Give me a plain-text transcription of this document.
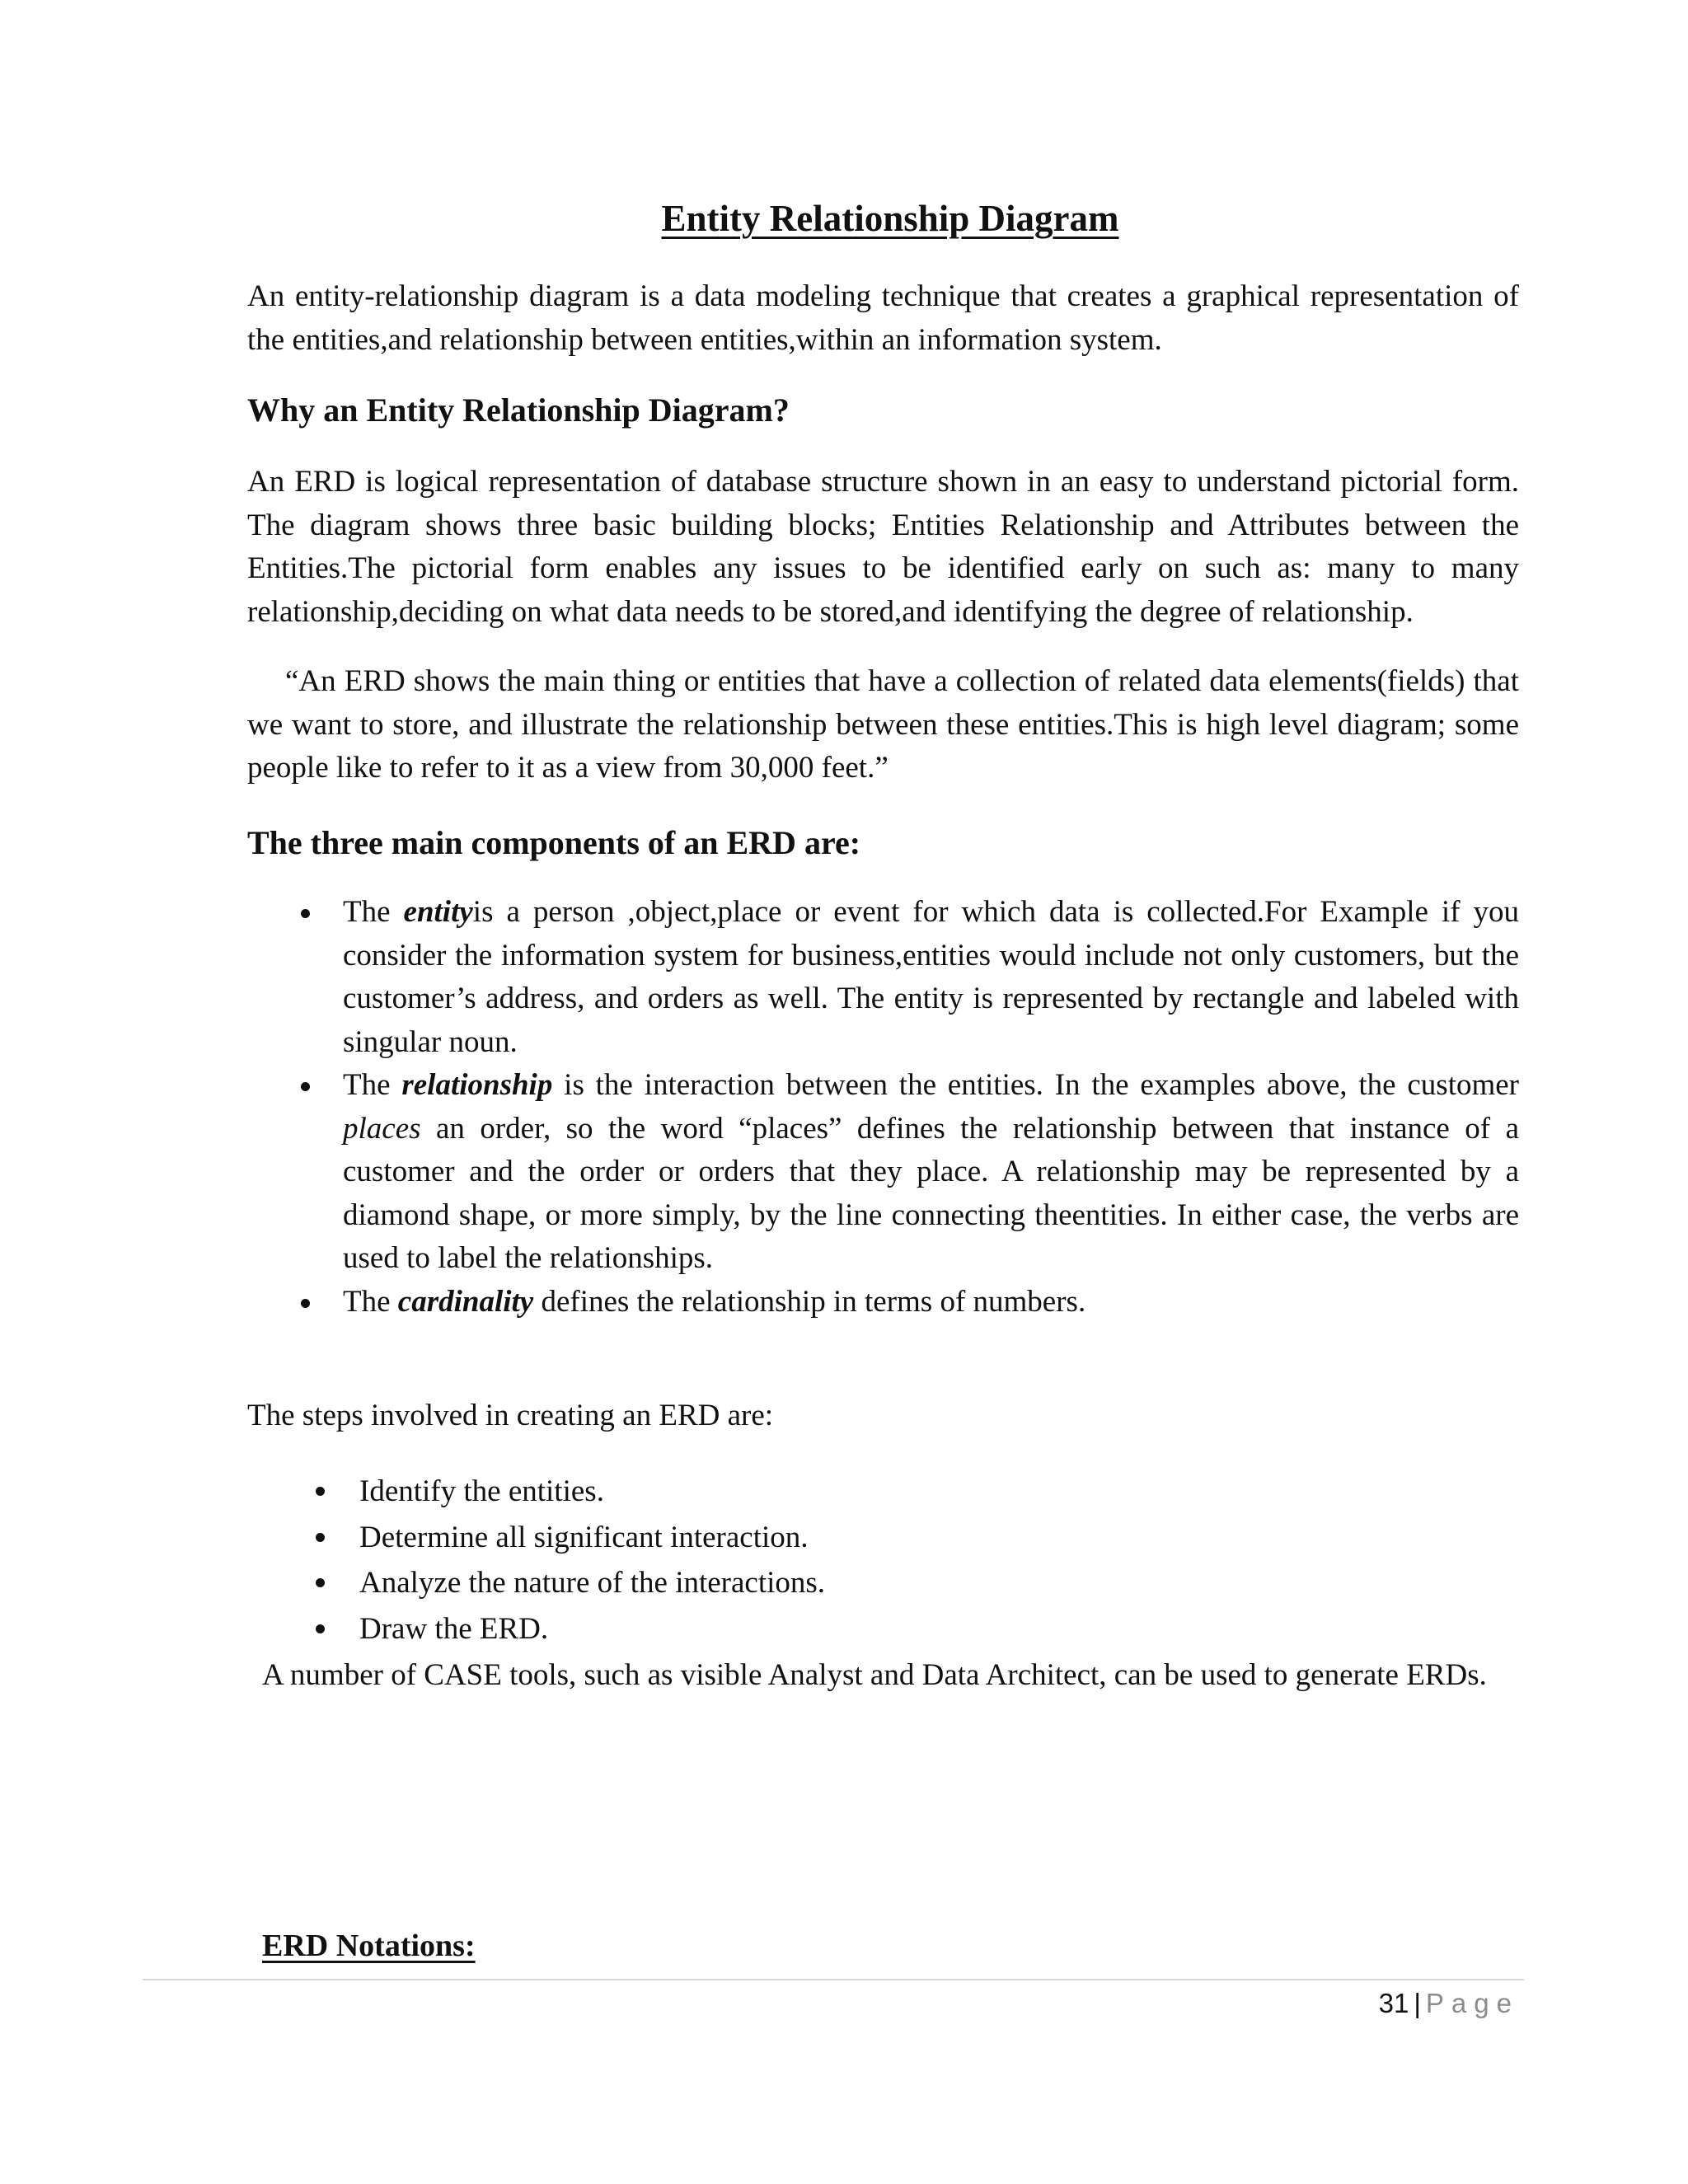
Entity Relationship Diagram

An entity-relationship diagram is a data modeling technique that creates a graphical representation of the entities,and relationship between entities,within an information system.

Why an Entity Relationship Diagram?

An ERD is logical representation of database structure shown in an easy to understand pictorial form. The diagram shows three basic building blocks; Entities Relationship and Attributes between the Entities.The pictorial form enables any issues to be identified early on such as: many to many relationship,deciding on what data needs to be stored,and identifying the degree of relationship.

“An ERD shows the main thing or entities that have a collection of related data elements(fields) that we want to store, and illustrate the relationship between these entities.This is high level diagram; some people like to refer to it as a view from 30,000 feet.”

The three main components of an ERD are:
The entityis a person ,object,place or event for which data is collected.For Example if you consider the information system for business,entities would include not only customers, but the customer’s address, and orders as well. The entity is represented by rectangle and labeled with singular noun.
The relationship is the interaction between the entities. In the examples above, the customer places an order, so the word “places” defines the relationship between that instance of a customer and the order or orders that they place. A relationship may be represented by a diamond shape, or more simply, by the line connecting theentities. In either case, the verbs are used to label the relationships.
The cardinality defines the relationship in terms of numbers.

The steps involved in creating an ERD are:

Identify the entities.
Determine all significant interaction.
Analyze the nature of the interactions.
Draw the ERD.

A number of CASE tools, such as visible Analyst and Data Architect, can be used to generate ERDs.

ERD Notations:
31 | Page
